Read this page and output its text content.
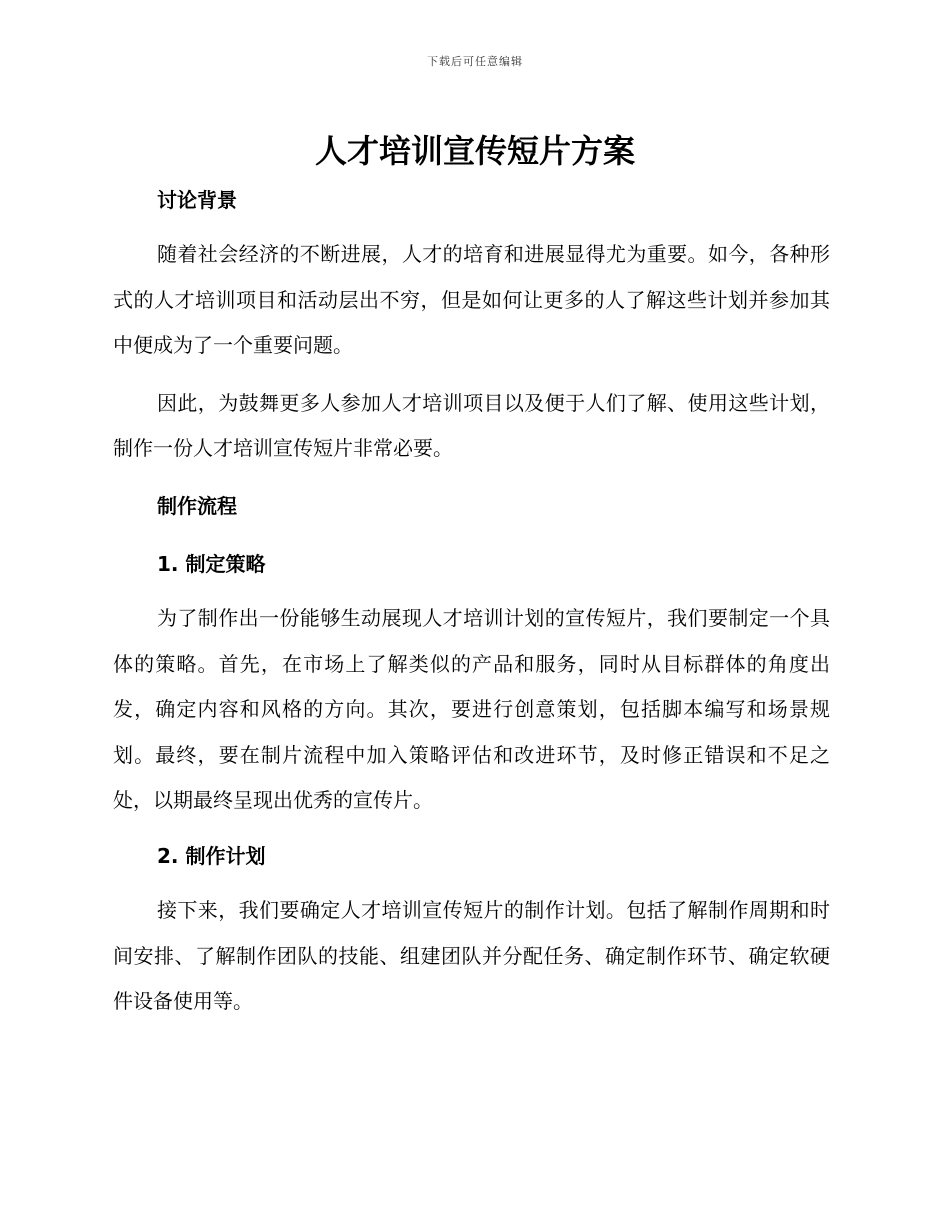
下载后可任意编辑
人才培训宣传短片方案
讨论背景

随着社会经济的不断进展，人才的培育和进展显得尤为重要。如今，各种形式的人才培训项目和活动层出不穷，但是如何让更多的人了解这些计划并参加其中便成为了一个重要问题。

因此，为鼓舞更多人参加人才培训项目以及便于人们了解、使用这些计划，制作一份人才培训宣传短片非常必要。

制作流程
1. 制定策略

为了制作出一份能够生动展现人才培训计划的宣传短片，我们要制定一个具体的策略。首先，在市场上了解类似的产品和服务，同时从目标群体的角度出发，确定内容和风格的方向。其次，要进行创意策划，包括脚本编写和场景规划。最终，要在制片流程中加入策略评估和改进环节，及时修正错误和不足之处，以期最终呈现出优秀的宣传片。

2. 制作计划

接下来，我们要确定人才培训宣传短片的制作计划。包括了解制作周期和时间安排、了解制作团队的技能、组建团队并分配任务、确定制作环节、确定软硬件设备使用等。
